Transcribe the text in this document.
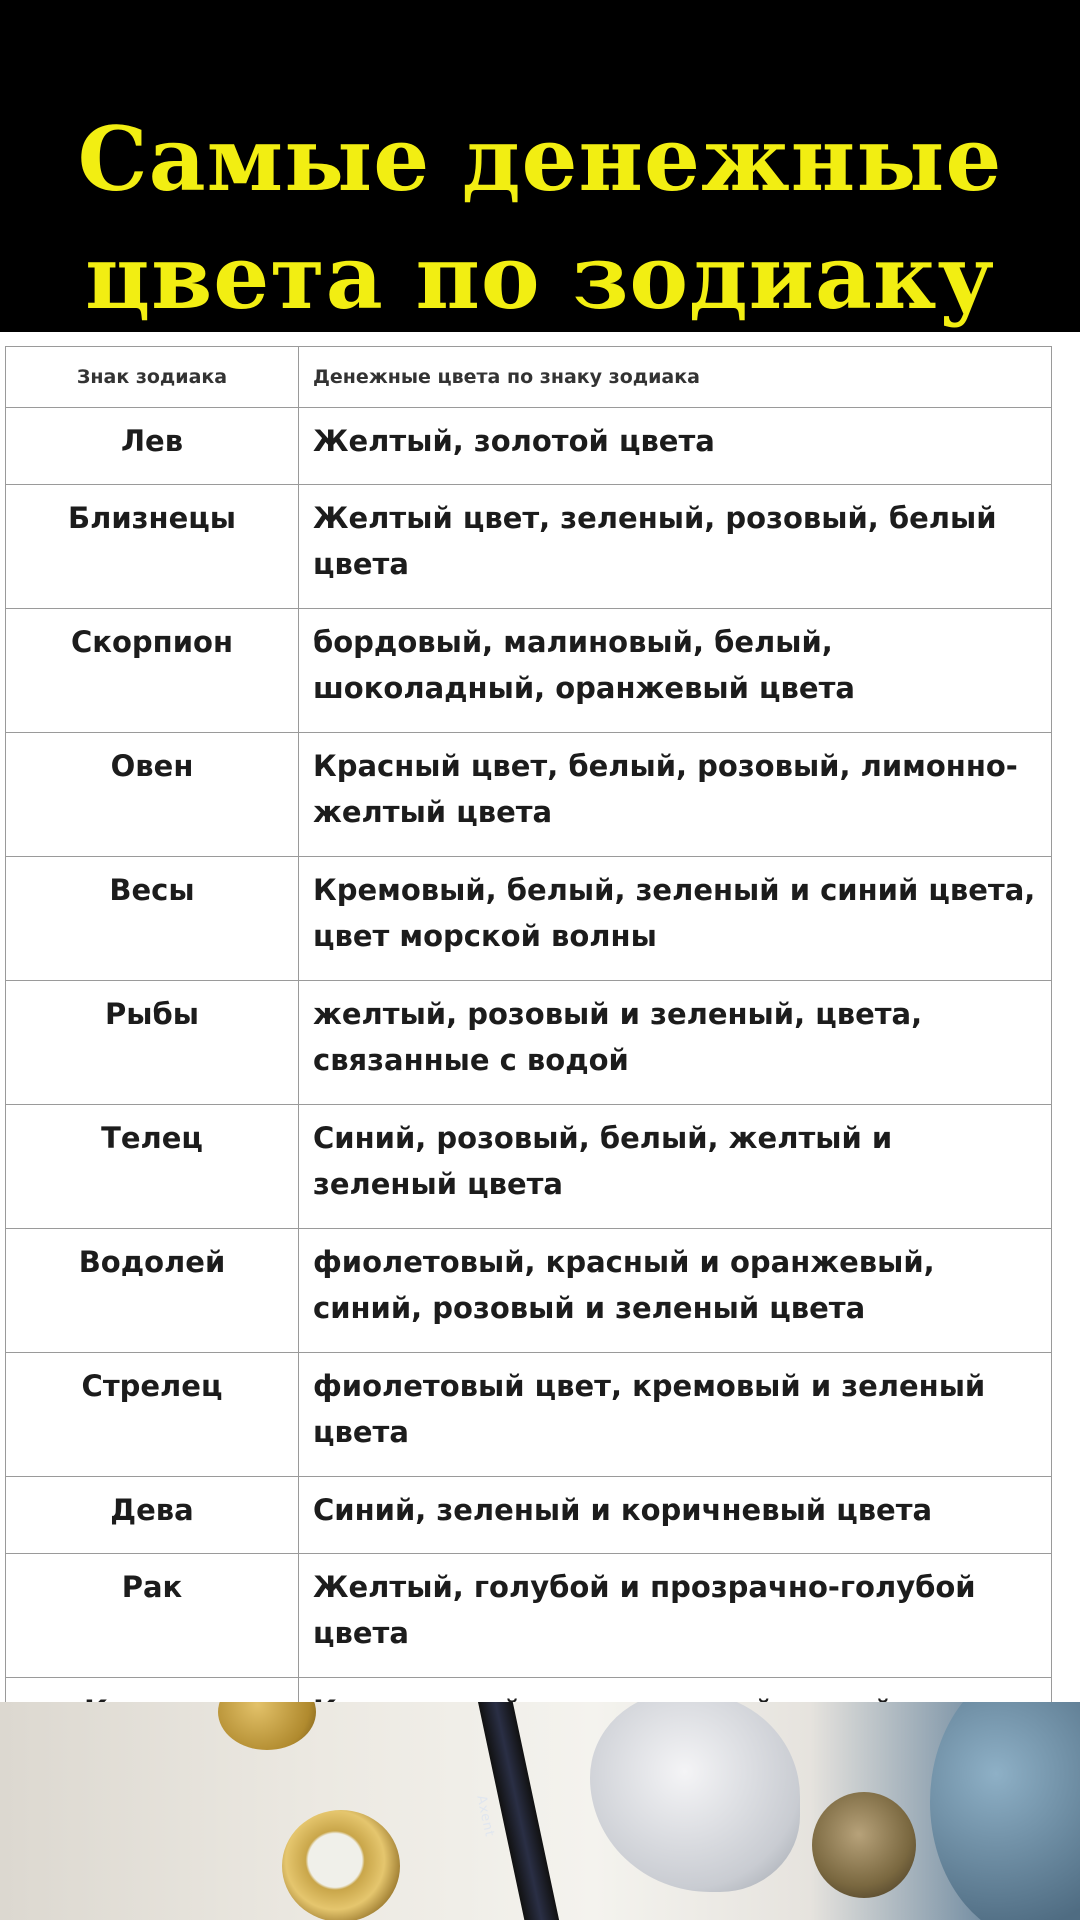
Самые денежные
цвета по зодиаку
Знак зодиака	Денежные цвета по знаку зодиака
Лев	Желтый, золотой цвета
Близнецы	Желтый цвет, зеленый, розовый, белый цвета
Скорпион	бордовый, малиновый, белый, шоколадный, оранжевый цвета
Овен	Красный цвет, белый, розовый, лимонно-желтый цвета
Весы	Кремовый, белый, зеленый и синий цвета, цвет морской волны
Рыбы	желтый, розовый и зеленый, цвета, связанные с водой
Телец	Синий, розовый, белый, желтый и зеленый цвета
Водолей	фиолетовый, красный и оранжевый, синий, розовый и зеленый цвета
Стрелец	фиолетовый цвет, кремовый и зеленый цвета
Дева	Синий, зеленый и коричневый цвета
Рак	Желтый, голубой и прозрачно-голубой цвета

Axent
